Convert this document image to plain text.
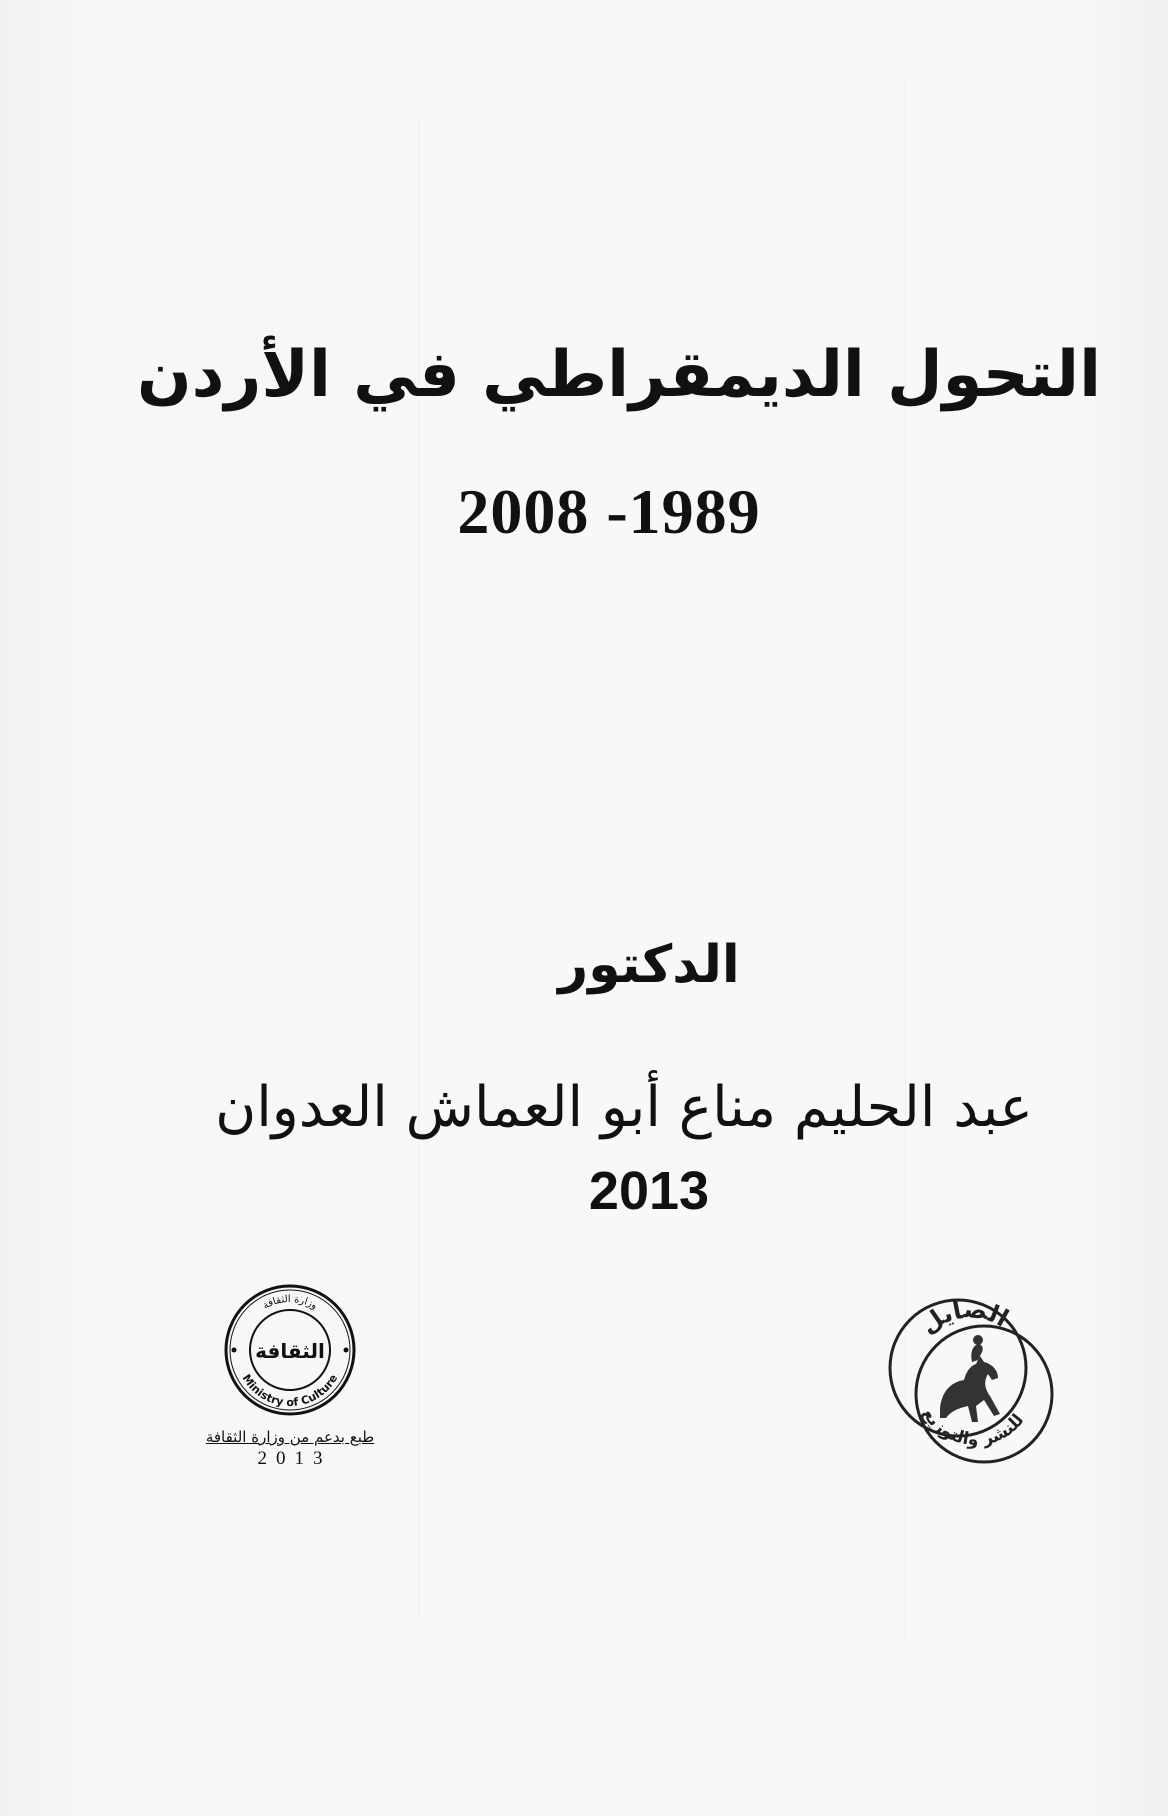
التحول الديمقراطي في الأردن
2008 -1989
الدكتور
عبد الحليم مناع أبو العماش العدوان
2013
وزارة الثقافة
Ministry of Culture
الثقافة
طبع بدعم من وزارة الثقافة
2013
الصايل
للنشر والتوزيع
